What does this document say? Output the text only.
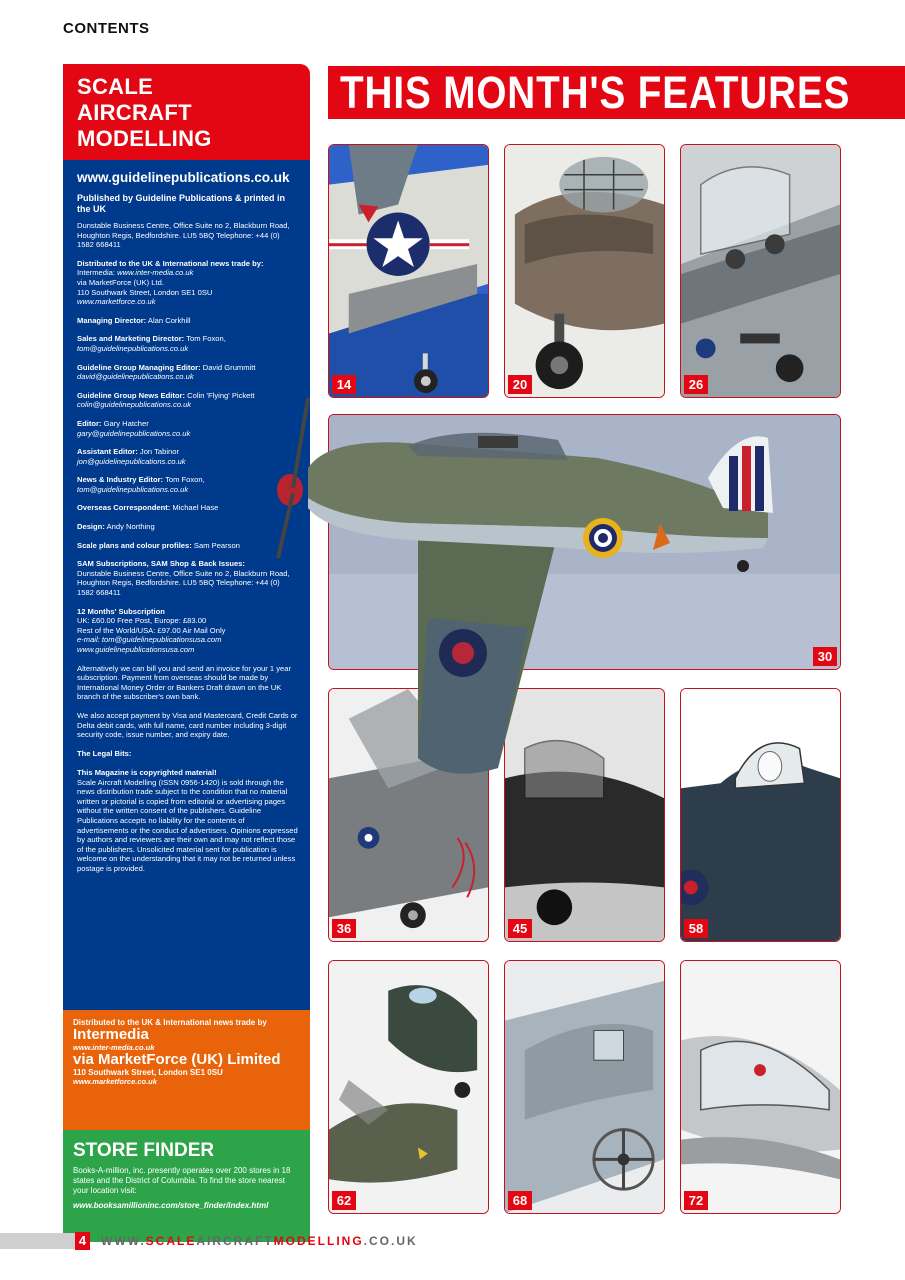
CONTENTS
SCALE
AIRCRAFT
MODELLING
www.guidelinepublications.co.uk
Published by Guideline Publications & printed in the UK

Dunstable Business Centre, Office Suite no 2, Blackburn Road, Houghton Regis, Bedfordshire. LU5 5BQ Telephone: +44 (0) 1582 668411

Distributed to the UK & International news trade by:
Intermedia: www.inter-media.co.uk
via MarketForce (UK) Ltd.
110 Southwark Street, London SE1 0SU
www.marketforce.co.uk

Managing Director: Alan Corkhill

Sales and Marketing Director: Tom Foxon,
tom@guidelinepublications.co.uk

Guideline Group Managing Editor: David Grummitt
david@guidelinepublications.co.uk

Guideline Group News Editor: Colin 'Flying' Pickett
colin@guidelinepublications.co.uk

Editor: Gary Hatcher
gary@guidelinepublications.co.uk

Assistant Editor: Jon Tabinor
jon@guidelinepublications.co.uk

News & Industry Editor: Tom Foxon,
tom@guidelinepublications.co.uk

Overseas Correspondent: Michael Hase

Design: Andy Northing

Scale plans and colour profiles: Sam Pearson

SAM Subscriptions, SAM Shop & Back Issues:
Dunstable Business Centre, Office Suite no 2, Blackburn Road, Houghton Regis, Bedfordshire. LU5 5BQ Telephone: +44 (0) 1582 668411

12 Months' Subscription
UK: £60.00 Free Post, Europe: £83.00
Rest of the World/USA: £97.00 Air Mail Only
e-mail: tom@guidelinepublicationsusa.com
www.guidelinepublicationsusa.com

Alternatively we can bill you and send an invoice for your 1 year subscription. Payment from overseas should be made by International Money Order or Bankers Draft drawn on the UK branch of the subscriber's own bank.

We also accept payment by Visa and Mastercard, Credit Cards or Delta debit cards, with full name, card number including 3-digit security code, issue number, and expiry date.

The Legal Bits:

This Magazine is copyrighted material!
Scale Aircraft Modelling (ISSN 0956-1420) is sold through the news distribution trade subject to the condition that no material written or pictorial is copied from editorial or advertising pages without the written consent of the publishers. Guideline Publications accepts no liability for the contents of advertisements or the conduct of advertisers. Opinions expressed by authors and reviewers are their own and may not reflect those of the publishers. Unsolicited material sent for publication is welcome on the understanding that it may not be returned unless postage is provided.

Distributed to the UK & International news trade by
Intermedia
www.inter-media.co.uk
via MarketForce (UK) Limited
110 Southwark Street, London SE1 0SU
www.marketforce.co.uk
STORE FINDER
Books-A-million, inc. presently operates over 200 stores in 18 states and the District of Columbia. To find the store nearest your location visit:
www.booksamillioninc.com/store_finder/index.html
THIS MONTH'S FEATURES
14	20	26
30
36	45	58
62	68	72
4	WWW.SCALEAIRCRAFTMODELLING.CO.UK
